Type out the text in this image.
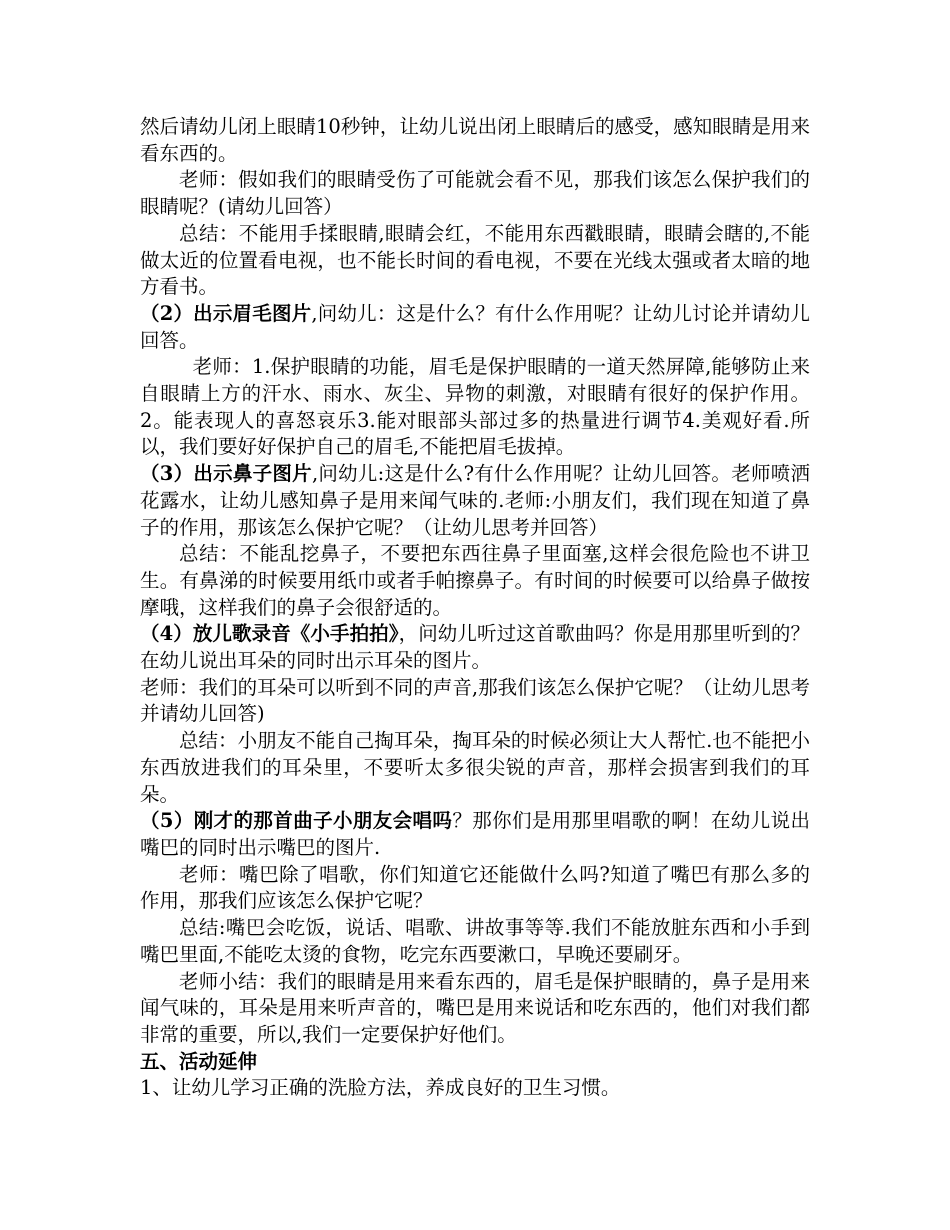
然后请幼儿闭上眼睛10秒钟，让幼儿说出闭上眼睛后的感受，感知眼睛是用来看东西的。

老师：假如我们的眼睛受伤了可能就会看不见，那我们该怎么保护我们的眼睛呢？(请幼儿回答）

总结：不能用手揉眼睛,眼睛会红，不能用东西戳眼睛，眼睛会瞎的,不能做太近的位置看电视，也不能长时间的看电视，不要在光线太强或者太暗的地方看书。

（2）出示眉毛图片,问幼儿：这是什么？有什么作用呢？让幼儿讨论并请幼儿回答。

老师：1.保护眼睛的功能，眉毛是保护眼睛的一道天然屏障,能够防止来自眼睛上方的汗水、雨水、灰尘、异物的刺激，对眼睛有很好的保护作用。 2。能表现人的喜怒哀乐3.能对眼部头部过多的热量进行调节4.美观好看.所以，我们要好好保护自己的眉毛,不能把眉毛拔掉。

（3）出示鼻子图片,问幼儿:这是什么?有什么作用呢？让幼儿回答。老师喷洒花露水，让幼儿感知鼻子是用来闻气味的.老师:小朋友们，我们现在知道了鼻子的作用，那该怎么保护它呢？（让幼儿思考并回答）

总结：不能乱挖鼻子，不要把东西往鼻子里面塞,这样会很危险也不讲卫生。有鼻涕的时候要用纸巾或者手帕擦鼻子。有时间的时候要可以给鼻子做按摩哦，这样我们的鼻子会很舒适的。

（4）放儿歌录音《小手拍拍》，问幼儿听过这首歌曲吗？你是用那里听到的？在幼儿说出耳朵的同时出示耳朵的图片。

老师：我们的耳朵可以听到不同的声音,那我们该怎么保护它呢？（让幼儿思考并请幼儿回答)

总结：小朋友不能自己掏耳朵，掏耳朵的时候必须让大人帮忙.也不能把小东西放进我们的耳朵里，不要听太多很尖锐的声音，那样会损害到我们的耳朵。

（5）刚才的那首曲子小朋友会唱吗？那你们是用那里唱歌的啊！在幼儿说出嘴巴的同时出示嘴巴的图片.

老师：嘴巴除了唱歌，你们知道它还能做什么吗?知道了嘴巴有那么多的作用，那我们应该怎么保护它呢？

总结:嘴巴会吃饭，说话、唱歌、讲故事等等.我们不能放脏东西和小手到嘴巴里面,不能吃太烫的食物，吃完东西要漱口，早晚还要刷牙。

老师小结：我们的眼睛是用来看东西的，眉毛是保护眼睛的，鼻子是用来闻气味的，耳朵是用来听声音的，嘴巴是用来说话和吃东西的，他们对我们都非常的重要，所以,我们一定要保护好他们。

五、活动延伸

1、让幼儿学习正确的洗脸方法，养成良好的卫生习惯。
